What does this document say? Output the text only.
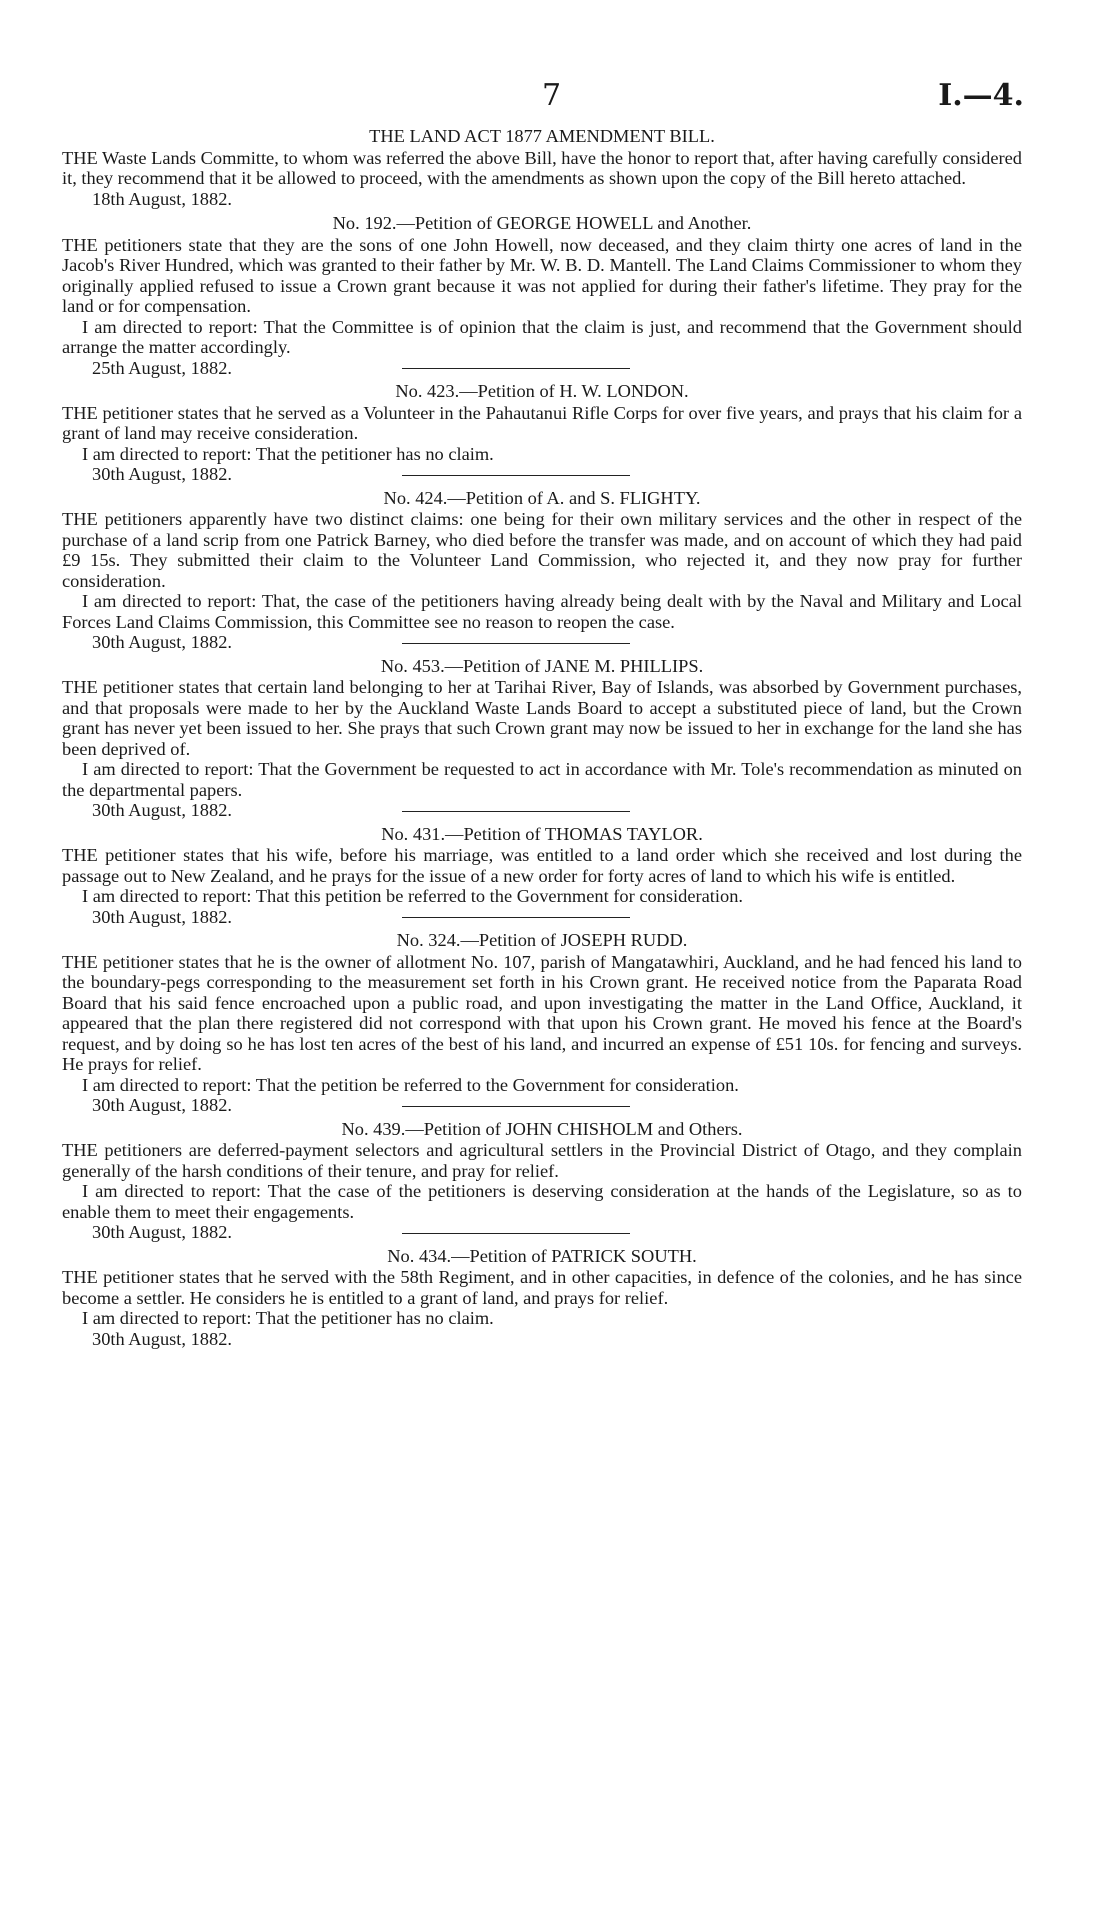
7	I.—4.

THE LAND ACT 1877 AMENDMENT BILL.

THE Waste Lands Committe, to whom was referred the above Bill, have the honor to report that, after having carefully considered it, they recommend that it be allowed to proceed, with the amendments as shown upon the copy of the Bill hereto attached.

18th August, 1882.

No. 192.—Petition of GEORGE HOWELL and Another.

THE petitioners state that they are the sons of one John Howell, now deceased, and they claim thirty one acres of land in the Jacob's River Hundred, which was granted to their father by Mr. W. B. D. Mantell. The Land Claims Commissioner to whom they originally applied refused to issue a Crown grant because it was not applied for during their father's lifetime. They pray for the land or for compensation.

I am directed to report: That the Committee is of opinion that the claim is just, and recommend that the Government should arrange the matter accordingly.

25th August, 1882.

No. 423.—Petition of H. W. LONDON.

THE petitioner states that he served as a Volunteer in the Pahautanui Rifle Corps for over five years, and prays that his claim for a grant of land may receive consideration.

I am directed to report: That the petitioner has no claim.

30th August, 1882.

No. 424.—Petition of A. and S. FLIGHTY.

THE petitioners apparently have two distinct claims: one being for their own military services and the other in respect of the purchase of a land scrip from one Patrick Barney, who died before the transfer was made, and on account of which they had paid £9 15s. They submitted their claim to the Volunteer Land Commission, who rejected it, and they now pray for further consideration.

I am directed to report: That, the case of the petitioners having already being dealt with by the Naval and Military and Local Forces Land Claims Commission, this Committee see no reason to reopen the case.

30th August, 1882.

No. 453.—Petition of JANE M. PHILLIPS.

THE petitioner states that certain land belonging to her at Tarihai River, Bay of Islands, was absorbed by Government purchases, and that proposals were made to her by the Auckland Waste Lands Board to accept a substituted piece of land, but the Crown grant has never yet been issued to her. She prays that such Crown grant may now be issued to her in exchange for the land she has been deprived of.

I am directed to report: That the Government be requested to act in accordance with Mr. Tole's recommendation as minuted on the departmental papers.

30th August, 1882.

No. 431.—Petition of THOMAS TAYLOR.

THE petitioner states that his wife, before his marriage, was entitled to a land order which she received and lost during the passage out to New Zealand, and he prays for the issue of a new order for forty acres of land to which his wife is entitled.

I am directed to report: That this petition be referred to the Government for consideration.

30th August, 1882.

No. 324.—Petition of JOSEPH RUDD.

THE petitioner states that he is the owner of allotment No. 107, parish of Mangatawhiri, Auckland, and he had fenced his land to the boundary-pegs corresponding to the measurement set forth in his Crown grant. He received notice from the Paparata Road Board that his said fence encroached upon a public road, and upon investigating the matter in the Land Office, Auckland, it appeared that the plan there registered did not correspond with that upon his Crown grant. He moved his fence at the Board's request, and by doing so he has lost ten acres of the best of his land, and incurred an expense of £51 10s. for fencing and surveys. He prays for relief.

I am directed to report: That the petition be referred to the Government for consideration.

30th August, 1882.

No. 439.—Petition of JOHN CHISHOLM and Others.

THE petitioners are deferred-payment selectors and agricultural settlers in the Provincial District of Otago, and they complain generally of the harsh conditions of their tenure, and pray for relief.

I am directed to report: That the case of the petitioners is deserving consideration at the hands of the Legislature, so as to enable them to meet their engagements.

30th August, 1882.

No. 434.—Petition of PATRICK SOUTH.

THE petitioner states that he served with the 58th Regiment, and in other capacities, in defence of the colonies, and he has since become a settler. He considers he is entitled to a grant of land, and prays for relief.

I am directed to report: That the petitioner has no claim.

30th August, 1882.
